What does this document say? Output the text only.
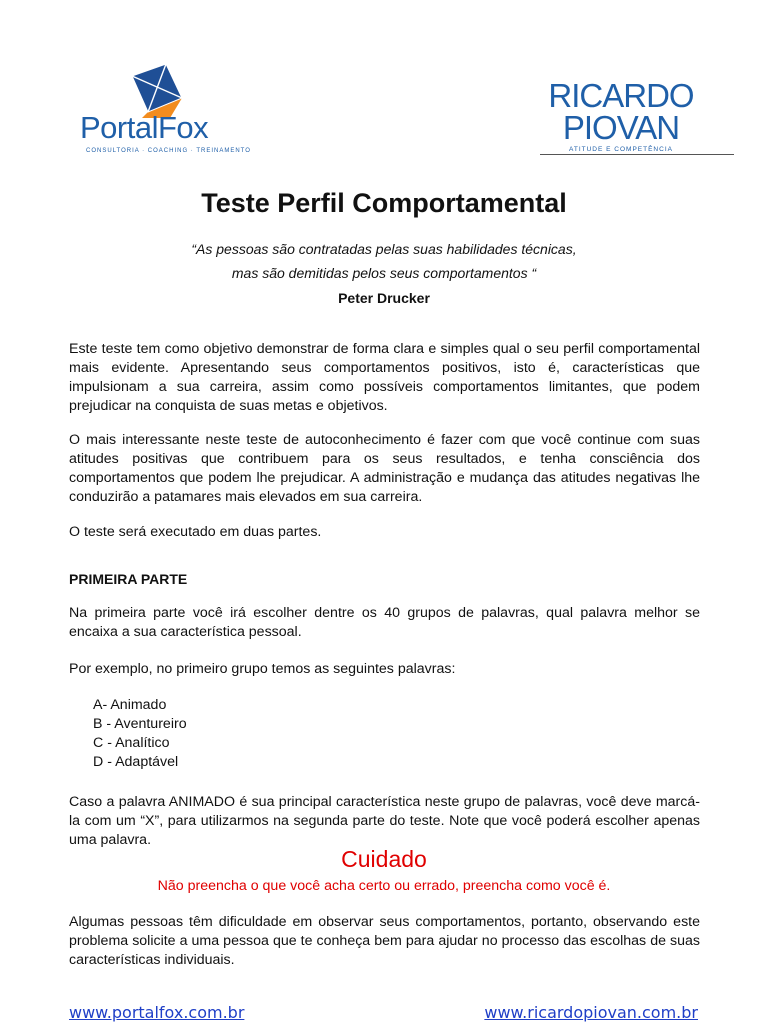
PortalFox
CONSULTORIA · COACHING · TREINAMENTO
RICARDO
PIOVAN
ATITUDE E COMPETÊNCIA
Teste Perfil Comportamental
“As pessoas são contratadas pelas suas habilidades técnicas,
mas são demitidas pelos seus comportamentos “
Peter Drucker
Este teste tem como objetivo demonstrar de forma clara e simples qual o seu perfil comportamental mais evidente. Apresentando seus comportamentos positivos, isto é, características que impulsionam a sua carreira, assim como possíveis comportamentos limitantes, que podem prejudicar na conquista de suas metas e objetivos.
O mais interessante neste teste de autoconhecimento é fazer com que você continue com suas atitudes positivas que contribuem para os seus resultados, e tenha consciência dos comportamentos que podem lhe prejudicar. A administração e mudança das atitudes negativas lhe conduzirão a patamares mais elevados em sua carreira.
O teste será executado em duas partes.
PRIMEIRA PARTE
Na primeira parte você irá escolher dentre os 40 grupos de palavras, qual palavra melhor se encaixa a sua característica pessoal.
Por exemplo, no primeiro grupo temos as seguintes palavras:
A- Animado
B - Aventureiro
C - Analítico
D - Adaptável
Caso a palavra ANIMADO é sua principal característica neste grupo de palavras, você deve marcá-la com um “X”, para utilizarmos na segunda parte do teste. Note que você poderá escolher apenas uma palavra.
Cuidado
Não preencha o que você acha certo ou errado, preencha como você é.
Algumas pessoas têm dificuldade em observar seus comportamentos, portanto, observando este problema solicite a uma pessoa que te conheça bem para ajudar no processo das escolhas de suas características individuais.
www.portalfox.com.br	www.ricardopiovan.com.br
